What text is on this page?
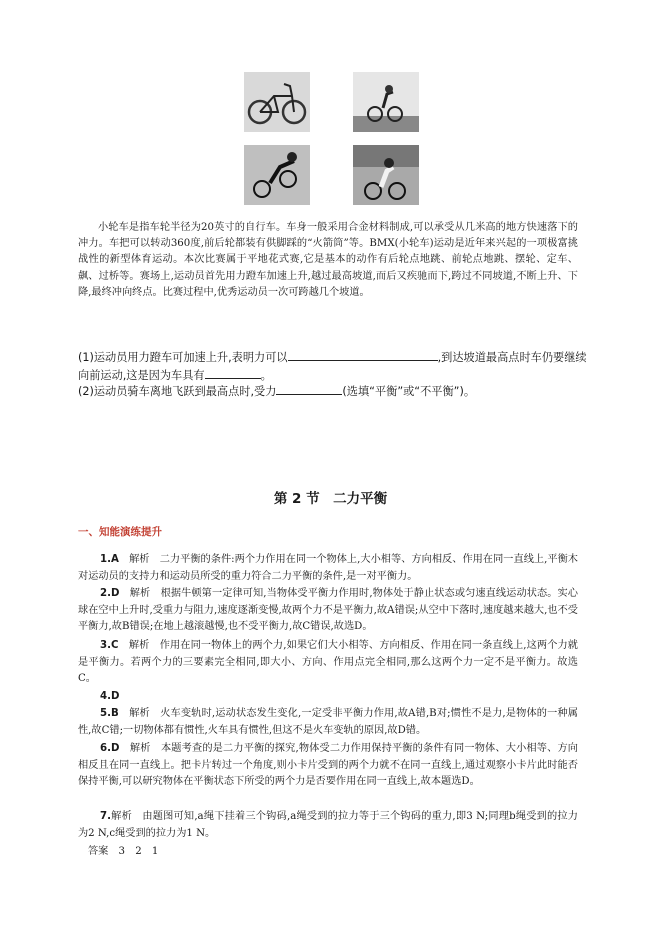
小轮车是指车轮半径为20英寸的自行车。车身一般采用合金材料制成,可以承受从几米高的地方快速落下的冲力。车把可以转动360度,前后轮都装有供脚踩的“火箭筒”等。BMX(小轮车)运动是近年来兴起的一项极富挑战性的新型体育运动。本次比赛属于平地花式赛,它是基本的动作有后轮点地跳、前轮点地跳、摆轮、定车、飙、过桥等。赛场上,运动员首先用力蹬车加速上升,越过最高坡道,而后又疾驰而下,跨过不同坡道,不断上升、下降,最终冲向终点。比赛过程中,优秀运动员一次可跨越几个坡道。
(1)运动员用力蹬车可加速上升,表明力可以	,到达坡道最高点时车仍要继续向前运动,这是因为车具有	。
(2)运动员骑车离地飞跃到最高点时,受力	(选填“平衡”或“不平衡”)。
第 2 节　二力平衡
一、知能演练提升
1.A　解析　二力平衡的条件:两个力作用在同一个物体上,大小相等、方向相反、作用在同一直线上,平衡木对运动员的支持力和运动员所受的重力符合二力平衡的条件,是一对平衡力。
2.D　解析　根据牛顿第一定律可知,当物体受平衡力作用时,物体处于静止状态或匀速直线运动状态。实心球在空中上升时,受重力与阻力,速度逐渐变慢,故两个力不是平衡力,故A错误;从空中下落时,速度越来越大,也不受平衡力,故B错误;在地上越滚越慢,也不受平衡力,故C错误,故选D。
3.C　解析　作用在同一物体上的两个力,如果它们大小相等、方向相反、作用在同一条直线上,这两个力就是平衡力。若两个力的三要素完全相同,即大小、方向、作用点完全相同,那么这两个力一定不是平衡力。故选C。
4.D
5.B　解析　火车变轨时,运动状态发生变化,一定受非平衡力作用,故A错,B对;惯性不是力,是物体的一种属性,故C错;一切物体都有惯性,火车具有惯性,但这不是火车变轨的原因,故D错。
6.D　解析　本题考查的是二力平衡的探究,物体受二力作用保持平衡的条件有同一物体、大小相等、方向相反且在同一直线上。把卡片转过一个角度,则小卡片受到的两个力就不在同一直线上,通过观察小卡片此时能否保持平衡,可以研究物体在平衡状态下所受的两个力是否要作用在同一直线上,故本题选D。
7.解析　由题图可知,a绳下挂着三个钩码,a绳受到的拉力等于三个钩码的重力,即3 N;同理b绳受到的拉力为2 N,c绳受到的拉力为1 N。
答案　3　2　1
